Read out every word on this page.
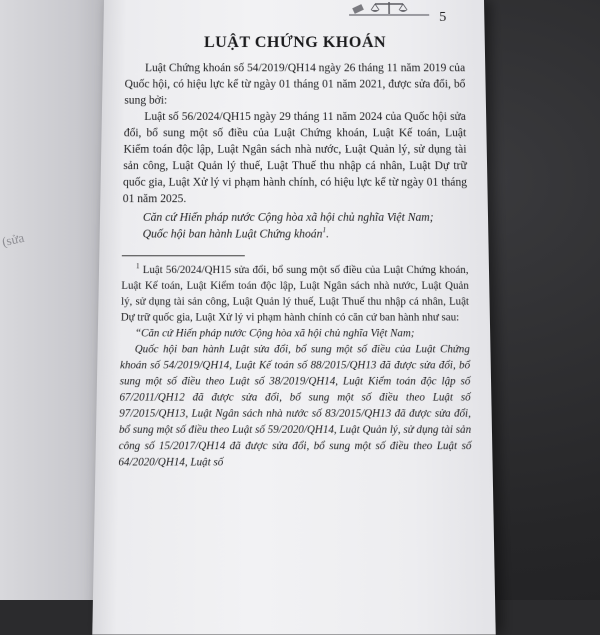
(sửa
5
LUẬT CHỨNG KHOÁN

Luật Chứng khoán số 54/2019/QH14 ngày 26 tháng 11 năm 2019 của Quốc hội, có hiệu lực kể từ ngày 01 tháng 01 năm 2021, được sửa đổi, bổ sung bởi:

Luật số 56/2024/QH15 ngày 29 tháng 11 năm 2024 của Quốc hội sửa đổi, bổ sung một số điều của Luật Chứng khoán, Luật Kế toán, Luật Kiểm toán độc lập, Luật Ngân sách nhà nước, Luật Quản lý, sử dụng tài sản công, Luật Quản lý thuế, Luật Thuế thu nhập cá nhân, Luật Dự trữ quốc gia, Luật Xử lý vi phạm hành chính, có hiệu lực kể từ ngày 01 tháng 01 năm 2025.

Căn cứ Hiến pháp nước Cộng hòa xã hội chủ nghĩa Việt Nam;

Quốc hội ban hành Luật Chứng khoán$^1$.

$^1$ Luật 56/2024/QH15 sửa đổi, bổ sung một số điều của Luật Chứng khoán, Luật Kế toán, Luật Kiểm toán độc lập, Luật Ngân sách nhà nước, Luật Quản lý, sử dụng tài sản công, Luật Quản lý thuế, Luật Thuế thu nhập cá nhân, Luật Dự trữ quốc gia, Luật Xử lý vi phạm hành chính có căn cứ ban hành như sau:

“Căn cứ Hiến pháp nước Cộng hòa xã hội chủ nghĩa Việt Nam;

Quốc hội ban hành Luật sửa đổi, bổ sung một số điều của Luật Chứng khoán số 54/2019/QH14, Luật Kế toán số 88/2015/QH13 đã được sửa đổi, bổ sung một số điều theo Luật số 38/2019/QH14, Luật Kiểm toán độc lập số 67/2011/QH12 đã được sửa đổi, bổ sung một số điều theo Luật số 97/2015/QH13, Luật Ngân sách nhà nước số 83/2015/QH13 đã được sửa đổi, bổ sung một số điều theo Luật số 59/2020/QH14, Luật Quản lý, sử dụng tài sản công số 15/2017/QH14 đã được sửa đổi, bổ sung một số điều theo Luật số 64/2020/QH14, Luật số
